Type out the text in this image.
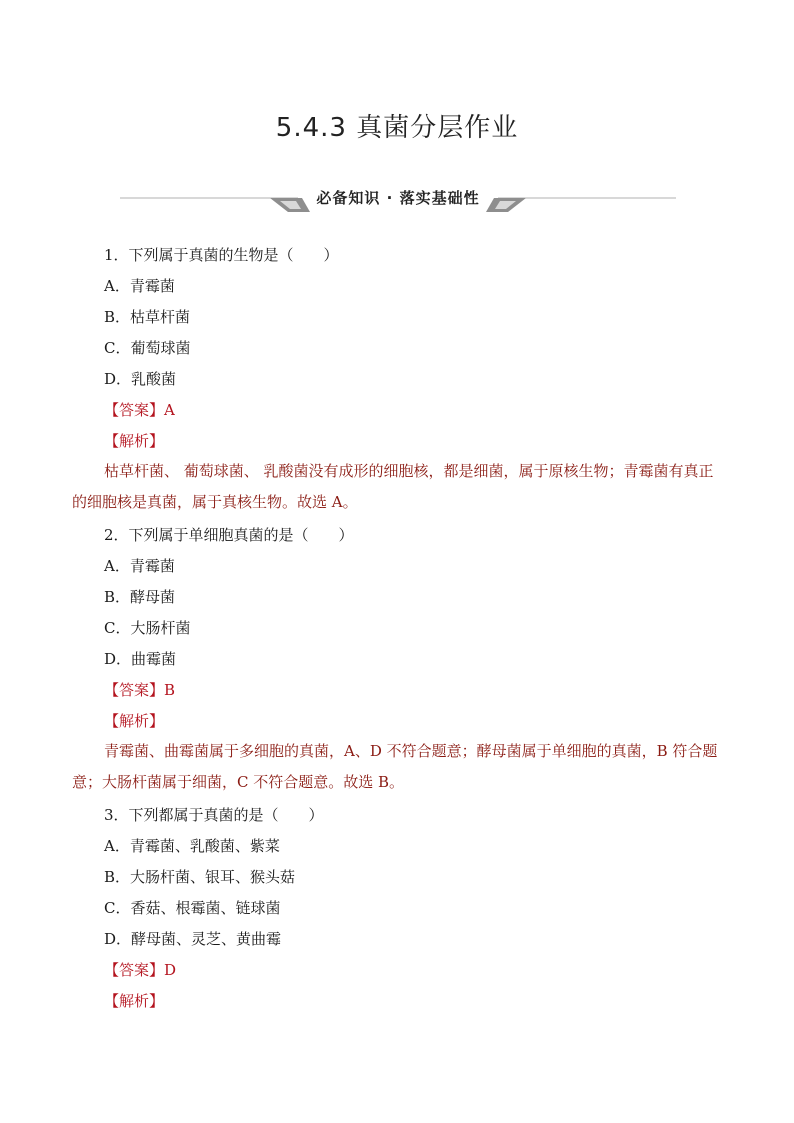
5.4.3 真菌分层作业
必备知识 · 落实基础性
1．下列属于真菌的生物是（　　）
A．青霉菌
B．枯草杆菌
C．葡萄球菌
D．乳酸菌
【答案】A
【解析】
枯草杆菌、 葡萄球菌、 乳酸菌没有成形的细胞核，都是细菌，属于原核生物；青霉菌有真正的细胞核是真菌，属于真核生物。故选 A。
2．下列属于单细胞真菌的是（　　）
A．青霉菌
B．酵母菌
C．大肠杆菌
D．曲霉菌
【答案】B
【解析】
青霉菌、曲霉菌属于多细胞的真菌，A、D 不符合题意；酵母菌属于单细胞的真菌，B 符合题意；大肠杆菌属于细菌，C 不符合题意。故选 B。
3．下列都属于真菌的是（　　）
A．青霉菌、乳酸菌、紫菜
B．大肠杆菌、银耳、猴头菇
C．香菇、根霉菌、链球菌
D．酵母菌、灵芝、黄曲霉
【答案】D
【解析】
